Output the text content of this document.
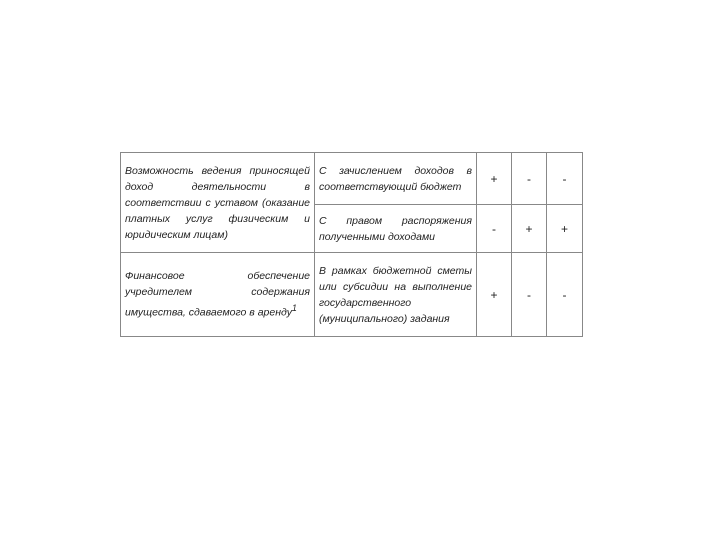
Возможность ведения приносящей доход деятельности в соответствии с уставом (оказание платных услуг физическим и юридическим лицам)	С зачислением доходов в соответствующий бюджет	+	-	-
	С правом распоряжения полученными доходами	-	+	+
Финансовое обеспечение учредителем содержания имущества, сдаваемого в аренду$^1$	В рамках бюджетной сметы или субсидии на выполнение государственного (муниципального) задания	+	-	-
